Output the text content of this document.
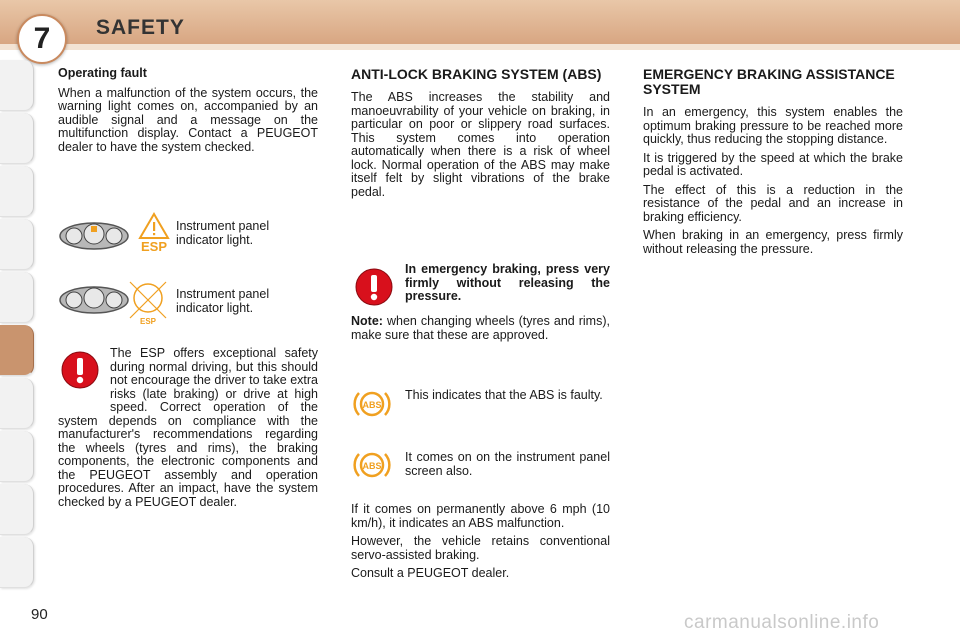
7	SAFETY
Operating fault

When a malfunction of the system occurs, the warning light comes on, accompanied by an audible signal and a message on the multifunction display. Contact a PEUGEOT dealer to have the system checked.

ESP
Instrument panel indicator light.
ESP
Instrument panel indicator light.

The ESP offers exceptional safety during normal driving, but this should not encourage the driver to take extra risks (late braking) or drive at high speed. Correct operation of the system depends on compliance with the manufacturer's recommendations regarding the wheels (tyres and rims), the braking components, the electronic components and the PEUGEOT assembly and operation procedures. After an impact, have the system checked by a PEUGEOT dealer.

ANTI-LOCK BRAKING SYSTEM (ABS)

The ABS increases the stability and manoeuvrability of your vehicle on braking, in particular on poor or slippery road surfaces. This system comes into operation automatically when there is a risk of wheel lock. Normal operation of the ABS may make itself felt by slight vibrations of the brake pedal.

In emergency braking, press very firmly without releasing the pressure.

Note: when changing wheels (tyres and rims), make sure that these are approved.

ABS

This indicates that the ABS is faulty.

ABS

It comes on on the instrument panel screen also.

If it comes on permanently above 6 mph (10 km/h), it indicates an ABS malfunction.

However, the vehicle retains conventional servo-assisted braking.

Consult a PEUGEOT dealer.

EMERGENCY BRAKING ASSISTANCE SYSTEM

In an emergency, this system enables the optimum braking pressure to be reached more quickly, thus reducing the stopping distance.

It is triggered by the speed at which the brake pedal is activated.

The effect of this is a reduction in the resistance of the pedal and an increase in braking efficiency.

When braking in an emergency, press firmly without releasing the pressure.

90	carmanualsonline.info
